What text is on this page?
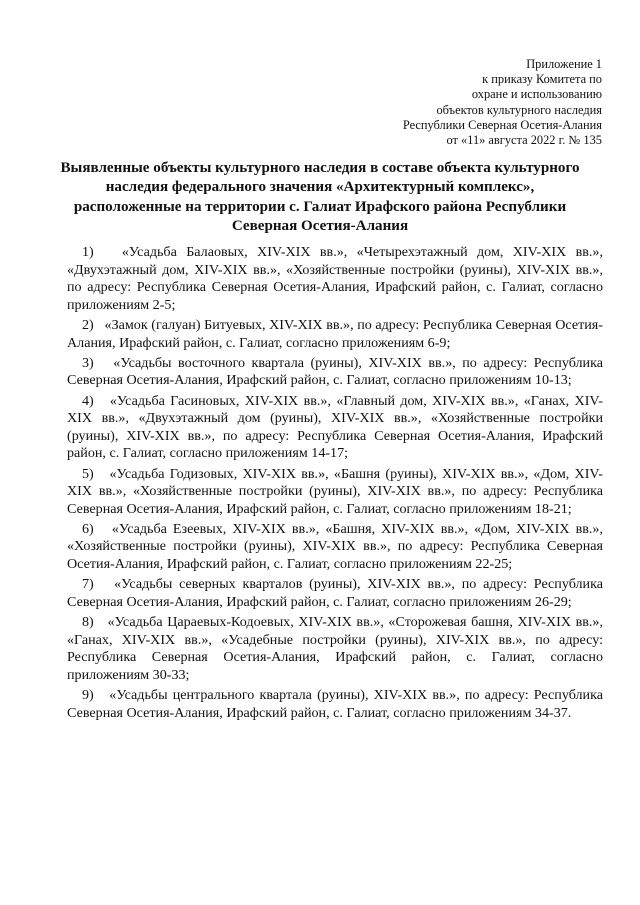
Приложение 1
к приказу Комитета по
охране и использованию
объектов культурного наследия
Республики Северная Осетия-Алания
от «11» августа 2022 г. № 135
Выявленные объекты культурного наследия в составе объекта культурного
наследия федерального значения «Архитектурный комплекс»,
расположенные на территории с. Галиат Ирафского района Республики
Северная Осетия-Алания
1) «Усадьба Балаовых, XIV-XIX вв.», «Четырехэтажный дом, XIV-XIX вв.», «Двухэтажный дом, XIV-XIX вв.», «Хозяйственные постройки (руины), XIV-XIX вв.», по адресу: Республика Северная Осетия-Алания, Ирафский район, с. Галиат, согласно приложениям 2-5;
2) «Замок (галуан) Битуевых, XIV-XIX вв.», по адресу: Республика Северная Осетия-Алания, Ирафский район, с. Галиат, согласно приложениям 6-9;
3) «Усадьбы восточного квартала (руины), XIV-XIX вв.», по адресу: Республика Северная Осетия-Алания, Ирафский район, с. Галиат, согласно приложениям 10-13;
4) «Усадьба Гасиновых, XIV-XIX вв.», «Главный дом, XIV-XIX вв.», «Ганах, XIV-XIX вв.», «Двухэтажный дом (руины), XIV-XIX вв.», «Хозяйственные постройки (руины), XIV-XIX вв.», по адресу: Республика Северная Осетия-Алания, Ирафский район, с. Галиат, согласно приложениям 14-17;
5) «Усадьба Годизовых, XIV-XIX вв.», «Башня (руины), XIV-XIX вв.», «Дом, XIV-XIX вв.», «Хозяйственные постройки (руины), XIV-XIX вв.», по адресу: Республика Северная Осетия-Алания, Ирафский район, с. Галиат, согласно приложениям 18-21;
6) «Усадьба Езеевых, XIV-XIX вв.», «Башня, XIV-XIX вв.», «Дом, XIV-XIX вв.», «Хозяйственные постройки (руины), XIV-XIX вв.», по адресу: Республика Северная Осетия-Алания, Ирафский район, с. Галиат, согласно приложениям 22-25;
7) «Усадьбы северных кварталов (руины), XIV-XIX вв.», по адресу: Республика Северная Осетия-Алания, Ирафский район, с. Галиат, согласно приложениям 26-29;
8) «Усадьба Цараевых-Кодоевых, XIV-XIX вв.», «Сторожевая башня, XIV-XIX вв.», «Ганах, XIV-XIX вв.», «Усадебные постройки (руины), XIV-XIX вв.», по адресу: Республика Северная Осетия-Алания, Ирафский район, с. Галиат, согласно приложениям 30-33;
9) «Усадьбы центрального квартала (руины), XIV-XIX вв.», по адресу: Республика Северная Осетия-Алания, Ирафский район, с. Галиат, согласно приложениям 34-37.
